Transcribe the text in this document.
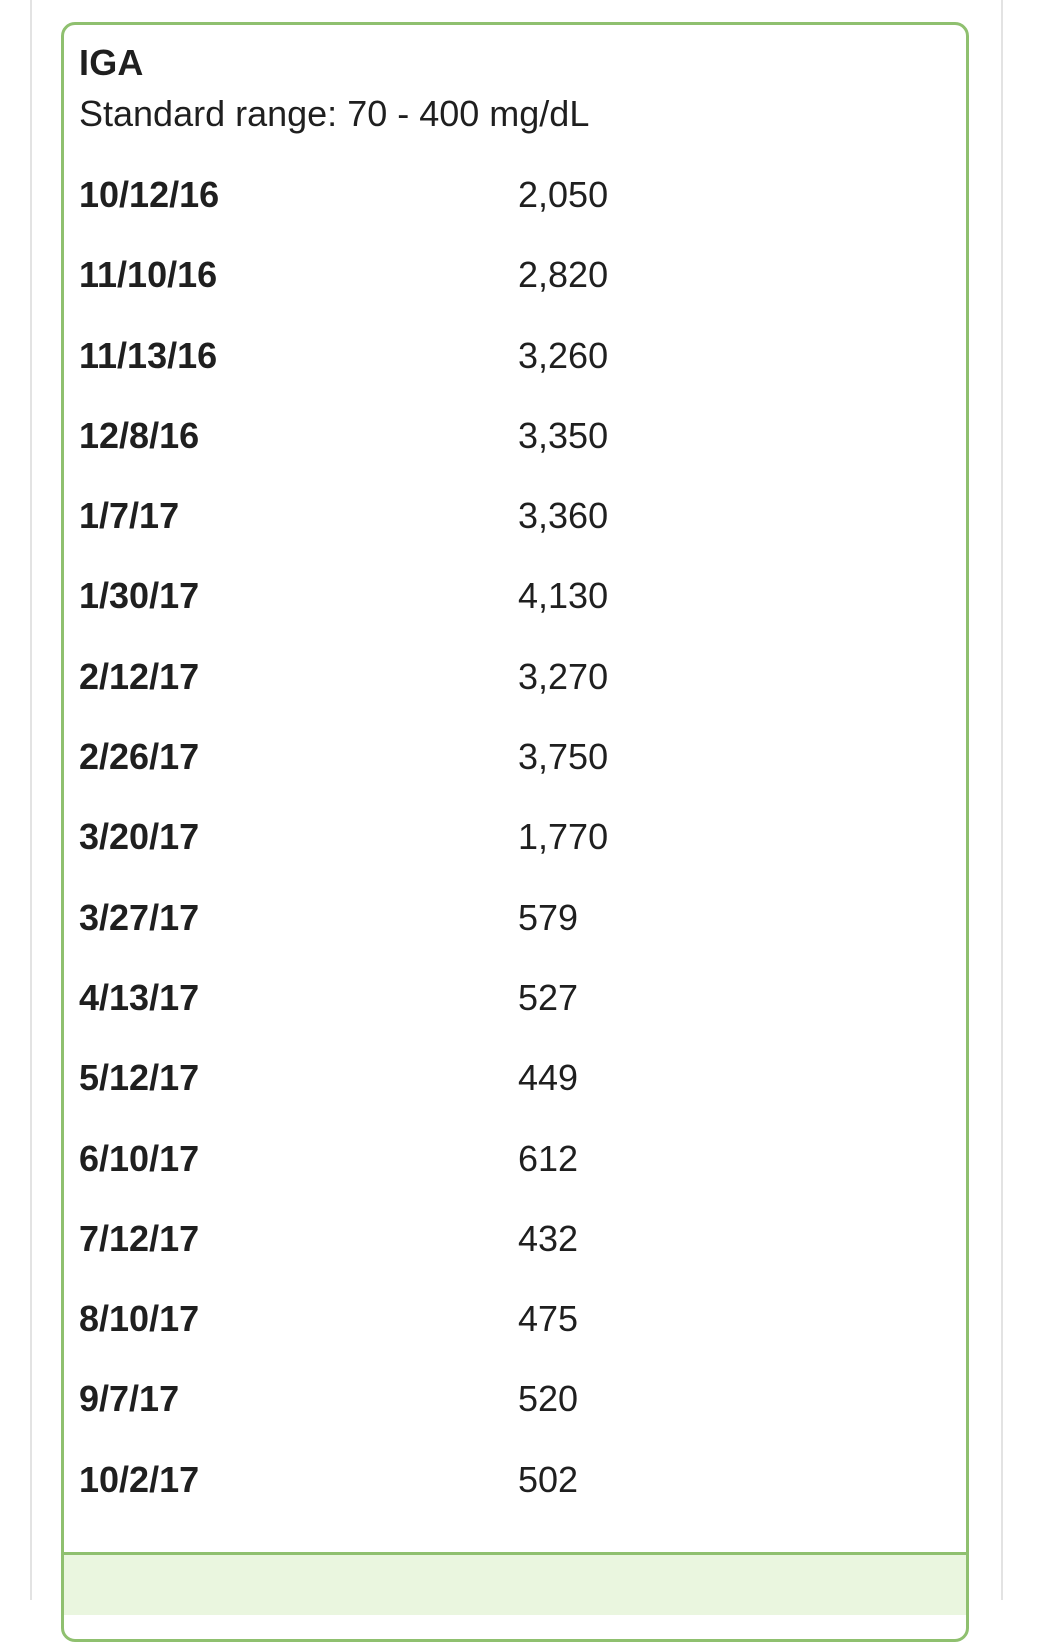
IGA
Standard range: 70 - 400 mg/dL
10/12/16	2,050
11/10/16	2,820
11/13/16	3,260
12/8/16	3,350
1/7/17	3,360
1/30/17	4,130
2/12/17	3,270
2/26/17	3,750
3/20/17	1,770
3/27/17	579
4/13/17	527
5/12/17	449
6/10/17	612
7/12/17	432
8/10/17	475
9/7/17	520
10/2/17	502
